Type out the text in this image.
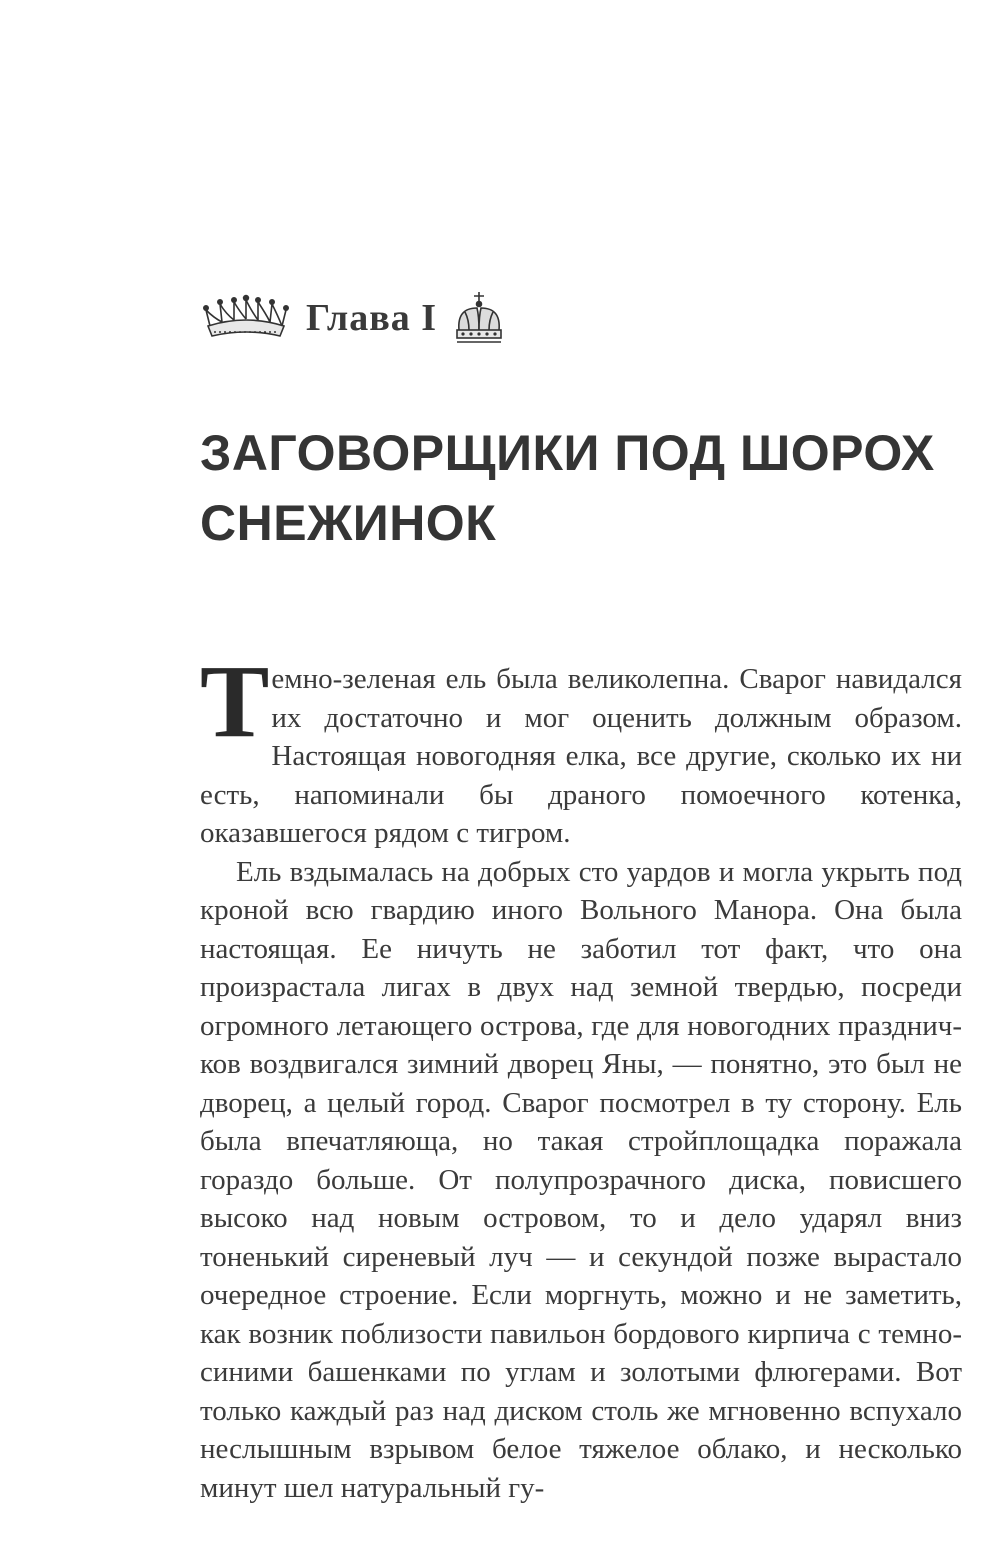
Глава I
ЗАГОВОРЩИКИ ПОД ШОРОХ
СНЕЖИНОК

Темно-зеленая ель была великолепна. Сварог навидался их достаточно и мог оценить должным образом. Настоящая новогодняя елка, все другие, сколько их ни есть, напоминали бы драного помоечного котенка, оказавшегося рядом с тигром.

Ель вздымалась на добрых сто уардов и могла укрыть под кроной всю гвардию иного Вольного Манора. Она была настоящая. Ее ничуть не заботил тот факт, что она произрастала лигах в двух над земной твердью, посреди огромного летающего острова, где для новогодних праздничков воздвигался зимний дворец Яны, — понятно, это был не дворец, а целый город. Сварог посмотрел в ту сторону. Ель была впечатляюща, но такая стройплощадка поражала гораздо больше. От полупрозрачного диска, повисшего высоко над новым островом, то и дело ударял вниз тоненький сиреневый луч — и секундой позже вырастало очередное строение. Если моргнуть, можно и не заметить, как возник поблизости павильон бордового кирпича с темно-синими башенками по углам и золотыми флюгерами. Вот только каждый раз над диском столь же мгновенно вспухало неслышным взрывом белое тяжелое облако, и несколько минут шел натуральный гу-
